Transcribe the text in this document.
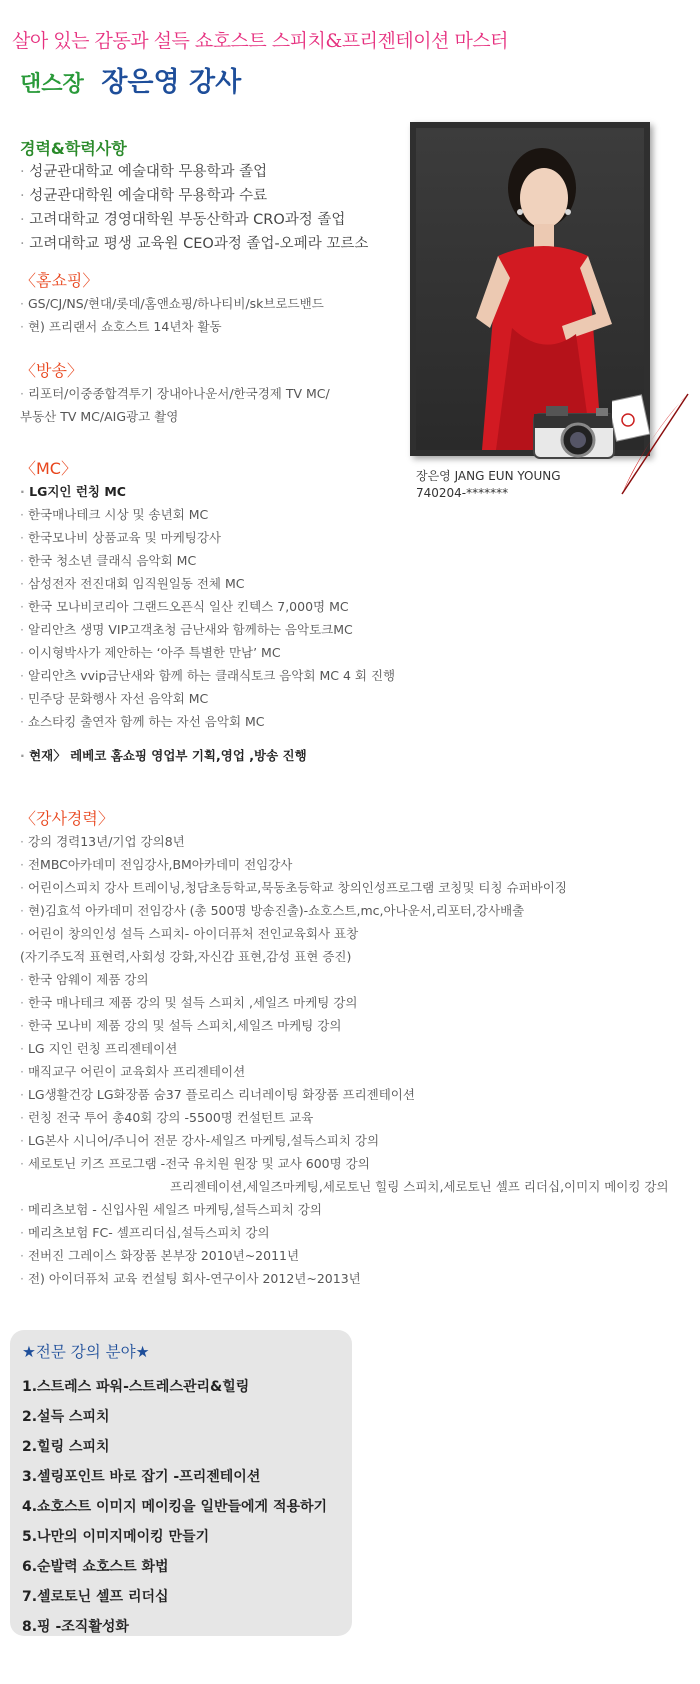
살아 있는 감동과 설득 쇼호스트 스피치&프리젠테이션 마스터
댄스장 장은영 강사
장은영 JANG EUN YOUNG
740204-*******
경력&학력사항
· 성균관대학교 예술대학 무용학과 졸업
· 성균관대학원 예술대학 무용학과 수료
· 고려대학교 경영대학원 부동산학과 CRO과정 졸업
· 고려대학교 평생 교육원 CEO과정 졸업-오페라 꼬르소
〈홈쇼핑〉
· GS/CJ/NS/현대/롯데/홈앤쇼핑/하나티비/sk브로드밴드
· 현) 프리랜서 쇼호스트 14년차 활동
〈방송〉
· 리포터/이중종합격투기 장내아나운서/한국경제 TV MC/
부동산 TV MC/AIG광고 촬영
〈MC〉
· LG지인 런칭 MC
· 한국매나테크 시상 및 송년회 MC
· 한국모나비 상품교육 및 마케팅강사
· 한국 청소년 클래식 음악회 MC
· 삼성전자 전진대회 임직원일동 전체 MC
· 한국 모나비코리아 그랜드오픈식 일산 킨텍스 7,000명 MC
· 알리안츠 생명 VIP고객초청 금난새와 함께하는 음악토크MC
· 이시형박사가 제안하는 ‘아주 특별한 만남’ MC
· 알리안츠 vvip금난새와 함께 하는 클래식토크 음악회 MC 4 회 진행
· 민주당 문화행사 자선 음악회 MC
· 쇼스타킹 출연자 함께 하는 자선 음악회 MC
· 현재〉 레베코 홈쇼핑 영업부 기획,영업 ,방송 진행
〈강사경력〉
· 강의 경력13년/기업 강의8년
· 전MBC아카데미 전임강사,BM아카데미 전임강사
· 어린이스피치 강사 트레이닝,청담초등학교,묵동초등학교 창의인성프로그램 코칭및 티칭 슈퍼바이징
· 현)김효석 아카데미 전임강사 (총 500명 방송진출)-쇼호스트,mc,아나운서,리포터,강사배출
· 어린이 창의인성 설득 스피치- 아이더퓨처 전인교육회사 표창
(자기주도적 표현력,사회성 강화,자신감 표현,감성 표현 증진)
· 한국 암웨이 제품 강의
· 한국 매나테크 제품 강의 및 설득 스피치 ,세일즈 마케팅 강의
· 한국 모나비 제품 강의 및 설득 스피치,세일즈 마케팅 강의
· LG 지인 런칭 프리젠테이션
· 매직교구 어린이 교육회사 프리젠테이션
· LG생활건강 LG화장품 숨37 플로리스 리너레이팅 화장품 프리젠테이션
· 런칭 전국 투어 총40회 강의 -5500명 컨설턴트 교육
· LG본사 시니어/주니어 전문 강사-세일즈 마케팅,설득스피치 강의
· 세로토닌 키즈 프로그램 -전국 유치원 원장 및 교사 600명 강의
프리젠테이션,세일즈마케팅,세로토닌 힐링 스피치,세로토닌 셀프 리더십,이미지 메이킹 강의
· 메리츠보험 - 신입사원 세일즈 마케팅,설득스피치 강의
· 메리츠보험 FC- 셀프리더십,설득스피치 강의
· 전버진 그레이스 화장품 본부장 2010년~2011년
· 전) 아이더퓨처 교육 컨설팅 회사-연구이사 2012년~2013년
★전문 강의 분야★
1.스트레스 파워-스트레스관리&힐링
2.설득 스피치
2.힐링 스피치
3.셀링포인트 바로 잡기 -프리젠테이션
4.쇼호스트 이미지 메이킹을 일반들에게 적용하기
5.나만의 이미지메이킹 만들기
6.순발력 쇼호스트 화법
7.셀로토닌 셀프 리더십
8.핑 -조직활성화
